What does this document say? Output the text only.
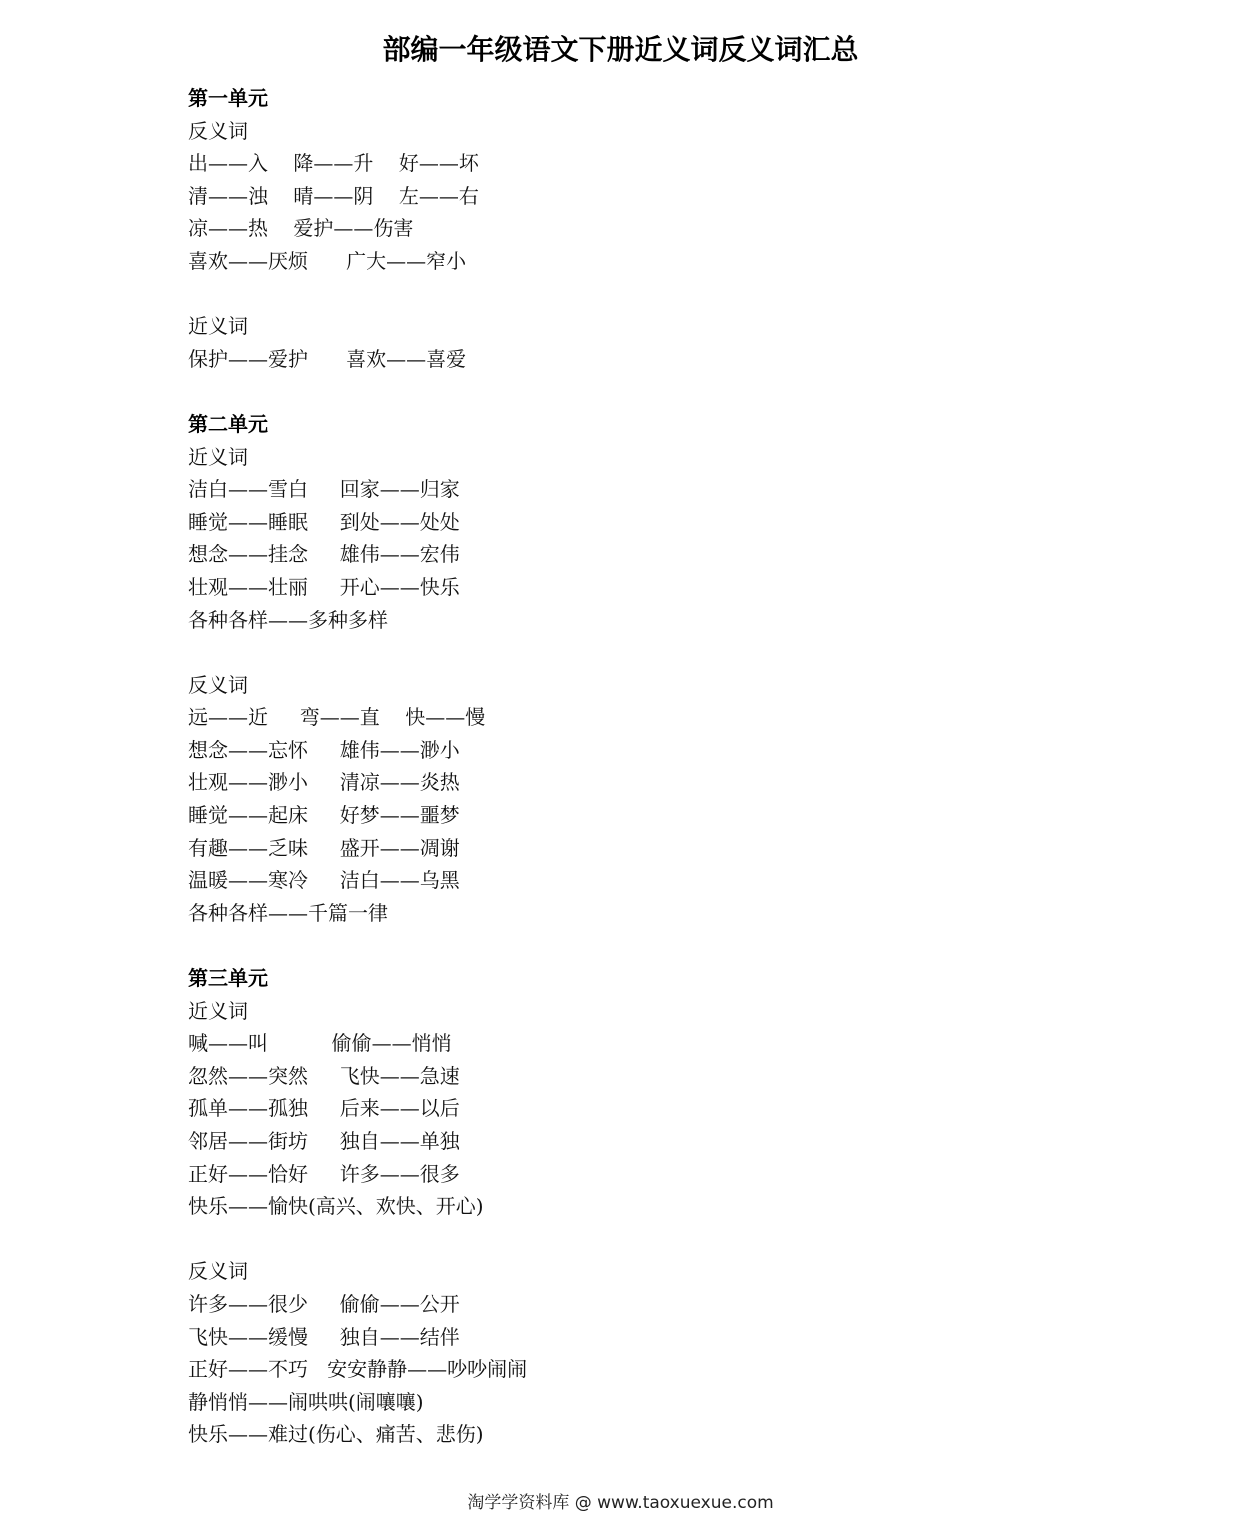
部编一年级语文下册近义词反义词汇总
第一单元
反义词
出——入    降——升    好——坏
清——浊    晴——阴    左——右
凉——热    爱护——伤害
喜欢——厌烦      广大——窄小
近义词
保护——爱护      喜欢——喜爱
第二单元
近义词
洁白——雪白     回家——归家
睡觉——睡眠     到处——处处
想念——挂念     雄伟——宏伟
壮观——壮丽     开心——快乐
各种各样——多种多样
反义词
远——近     弯——直    快——慢
想念——忘怀     雄伟——渺小
壮观——渺小     清凉——炎热
睡觉——起床     好梦——噩梦
有趣——乏味     盛开——凋谢
温暖——寒冷     洁白——乌黑
各种各样——千篇一律
第三单元
近义词
喊——叫          偷偷——悄悄
忽然——突然     飞快——急速
孤单——孤独     后来——以后
邻居——街坊     独自——单独
正好——恰好     许多——很多
快乐——愉快(高兴、欢快、开心)
反义词
许多——很少     偷偷——公开
飞快——缓慢     独自——结伴
正好——不巧   安安静静——吵吵闹闹
静悄悄——闹哄哄(闹嚷嚷)
快乐——难过(伤心、痛苦、悲伤)
淘学学资料库 @ www.taoxuexue.com
